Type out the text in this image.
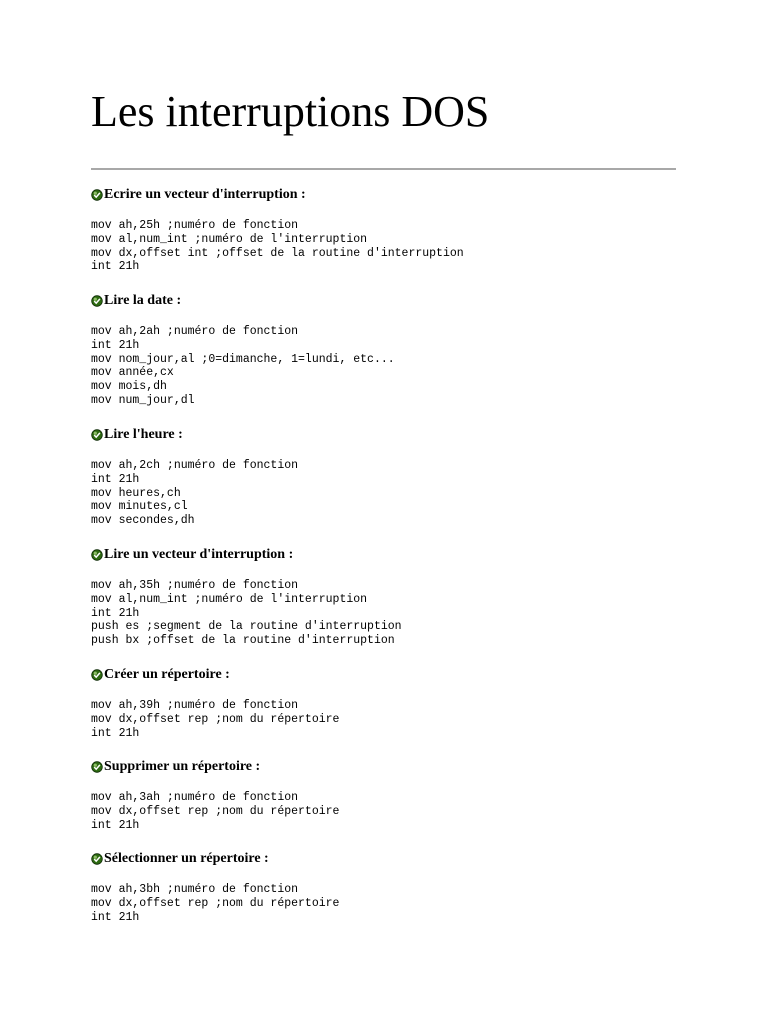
Les interruptions DOS
Ecrire un vecteur d'interruption :
mov ah,25h ;numéro de fonction
mov al,num_int ;numéro de l'interruption
mov dx,offset int ;offset de la routine d'interruption
int 21h
Lire la date :
mov ah,2ah ;numéro de fonction
int 21h
mov nom_jour,al ;0=dimanche, 1=lundi, etc...
mov année,cx
mov mois,dh
mov num_jour,dl
Lire l'heure :
mov ah,2ch ;numéro de fonction
int 21h
mov heures,ch
mov minutes,cl
mov secondes,dh
Lire un vecteur d'interruption :
mov ah,35h ;numéro de fonction
mov al,num_int ;numéro de l'interruption
int 21h
push es ;segment de la routine d'interruption
push bx ;offset de la routine d'interruption
Créer un répertoire :
mov ah,39h ;numéro de fonction
mov dx,offset rep ;nom du répertoire
int 21h
Supprimer un répertoire :
mov ah,3ah ;numéro de fonction
mov dx,offset rep ;nom du répertoire
int 21h
Sélectionner un répertoire :
mov ah,3bh ;numéro de fonction
mov dx,offset rep ;nom du répertoire
int 21h
